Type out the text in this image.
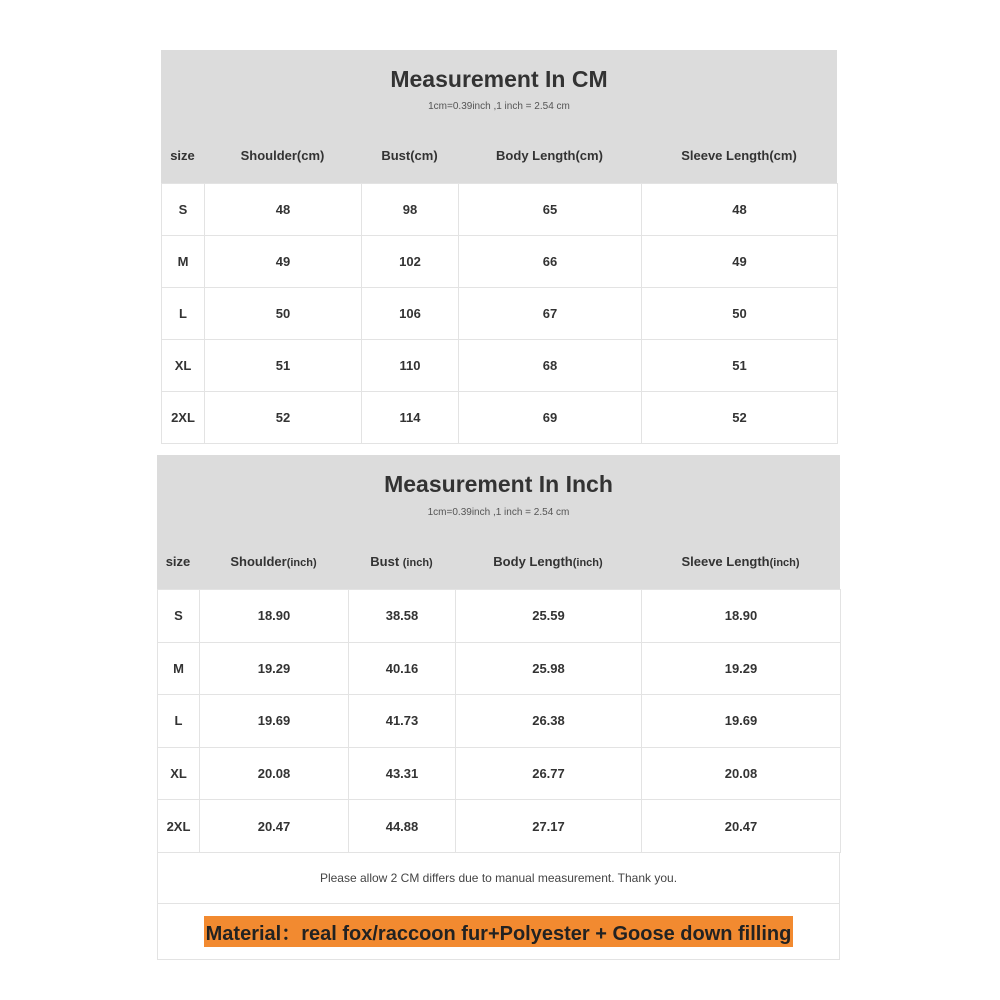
Measurement In CM
1cm=0.39inch ,1 inch = 2.54 cm
size	Shoulder(cm)	Bust(cm)	Body Length(cm)	Sleeve Length(cm)
S	48	98	65	48
M	49	102	66	49
L	50	106	67	50
XL	51	110	68	51
2XL	52	114	69	52
Measurement In Inch
1cm=0.39inch ,1 inch = 2.54 cm
size	Shoulder(inch)	Bust (inch)	Body Length(inch)	Sleeve Length(inch)
S	18.90	38.58	25.59	18.90
M	19.29	40.16	25.98	19.29
L	19.69	41.73	26.38	19.69
XL	20.08	43.31	26.77	20.08
2XL	20.47	44.88	27.17	20.47
Please allow 2 CM differs due to manual measurement. Thank you.
Material：real fox/raccoon fur+Polyester + Goose down filling
